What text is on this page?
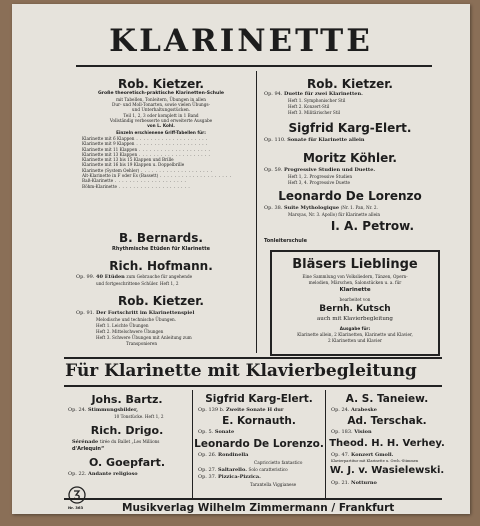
KLARINETTE
Rob. Kietzer.
Große theoretisch-praktische Klarinetten-Schule
mit Tabellen, Tonleitern, Übungen in allen
Dur- und Moll-Tonarten, sowie vielen Übungs-
und Unterhaltungsstücken.
Teil 1, 2, 3 oder komplett in 1 Band
Vollständig verbesserte und erweiterte Ausgabe
von L. Kohl.
Einzeln erschienene Griff-Tabellen für:
Klarinette mit 6 Klappen . . .
Klarinette mit 9 Klappen . . .
Klarinette mit 11 Klappen . . .
Klarinette mit 13 Klappen . . .
Klarinette mit 13 bis 15 Klappen und Brille
Klarinette mit 16 bis 19 Klappen u. Doppelbrille
Klarinette (System Oehler) . . .
Alt-Klarinette in F oder Es (Bassett) . . .
Baß-Klarinette . . .
Böhm-Klarinette . . .
B. Bernards.
Rhythmische Etüden für Klarinette
Rich. Hofmann.
Op. 99. 40 Etüden zum Gebrauche für angehende
und fortgeschrittene Schüler. Heft 1, 2
Rob. Kietzer.
Op. 91. Der Fortschritt im Klarinettenspiel
Melodische und technische Übungen.
Heft 1. Leichte Übungen
Heft 2. Mittelschwere Übungen
Heft 3. Schwere Übungen mit Anleitung zum
Transponieren
Rob. Kietzer.
Op. 94. Duette für zwei Klarinetten.
Heft 1. Symphonischer Stil
Heft 2. Konzert-Stil
Heft 3. Militärischer Stil
Sigfrid Karg-Elert.
Op. 110. Sonate für Klarinette allein
Moritz Köhler.
Op. 59. Progressive Studien und Duette.
Heft 1, 2. Progressive Studien
Heft 3, 4. Progressive Duette
Leonardo De Lorenzo
Op. 38. Suite Mythologique (Nr. 1. Pan, Nr. 2.
Marsyas, Nr. 3. Apollo) für Klarinette allein
I. A. Petrow.
Tonleiterschule
Bläsers Lieblinge
Eine Sammlung von Volksliedern, Tänzen, Opern-
melodien, Märschen, Salonstücken u. a. für
Klarinette
bearbeitet von
Bernh. Kutsch
auch mit Klavierbegleitung
Ausgabe für:
Klarinette allein, 2 Klarinetten, Klarinette und Klavier,
2 Klarinetten und Klavier
Für Klarinette mit Klavierbegleitung
Johs. Bartz.
Op. 24. Stimmungsbilder,
10 Tonstücke. Heft 1, 2
Rich. Drigo.
Sérénade tirée du Ballet „Les Millions
d'Arlequin“
O. Goepfart.
Op. 22. Andante religioso
Sigfrid Karg-Elert.
Op. 139 b. Zweite Sonate H dur
E. Kornauth.
Op. 5. Sonate
Leonardo De Lorenzo.
Op. 26. Rondinella
Capriccietto fantastico
Op. 27. Saltarello. Solo caratteristico
Op. 37. Pizzica-Pizzica.
Tarantella Viggianese
A. S. Taneiew.
Op. 24. Arabeske
Ad. Terschak.
Op. 183. Vision
Theod. H. H. Verhey.
Op. 47. Konzert Gmoll.
Klavierpartitur mit Klarinette u. Orch.-Stimmen
W. J. v. Wasielewski.
Op. 21. Notturno
Nr. 363	Musikverlag Wilhelm Zimmermann / Frankfurt
